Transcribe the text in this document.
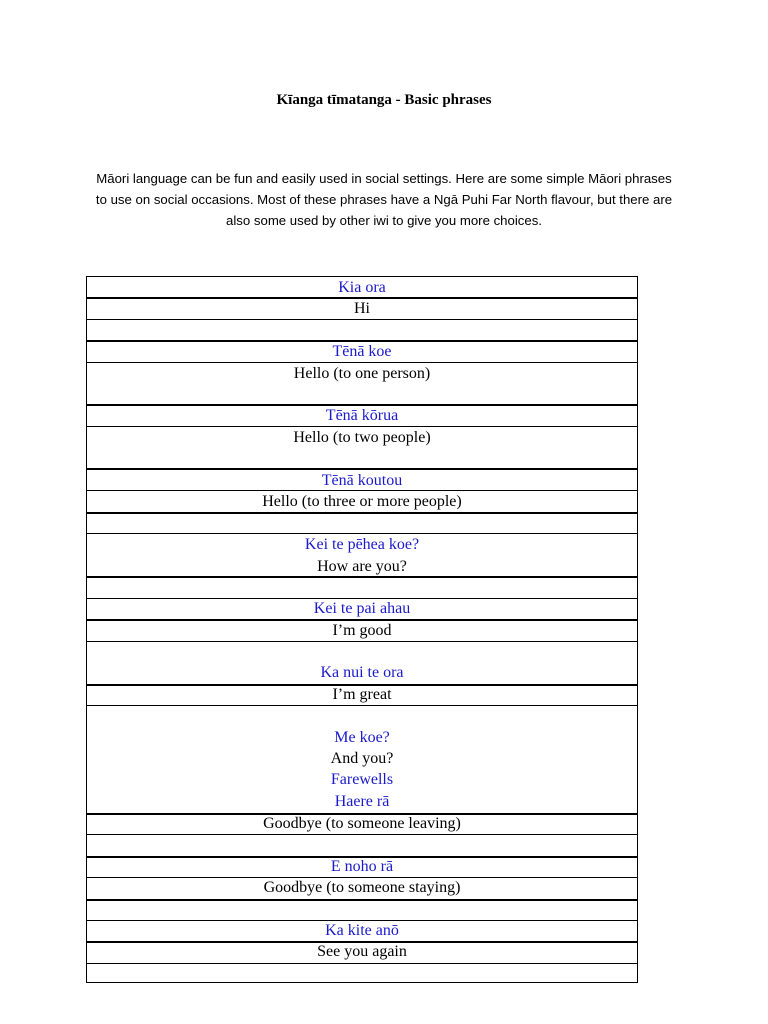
Kīanga tīmatanga - Basic phrases
Māori language can be fun and easily used in social settings. Here are some simple Māori phrases to use on social occasions. Most of these phrases have a Ngā Puhi Far North flavour, but there are also some used by other iwi to give you more choices.
Kia ora
Hi
Tēnā koe
Hello (to one person)
Tēnā kōrua
Hello (to two people)
Tēnā koutou
Hello (to three or more people)
Kei te pēhea koe?
How are you?
Kei te pai ahau
I’m good
Ka nui te ora
I’m great
Me koe?
And you?
Farewells
Haere rā
Goodbye (to someone leaving)
E noho rā
Goodbye (to someone staying)
Ka kite anō
See you again
